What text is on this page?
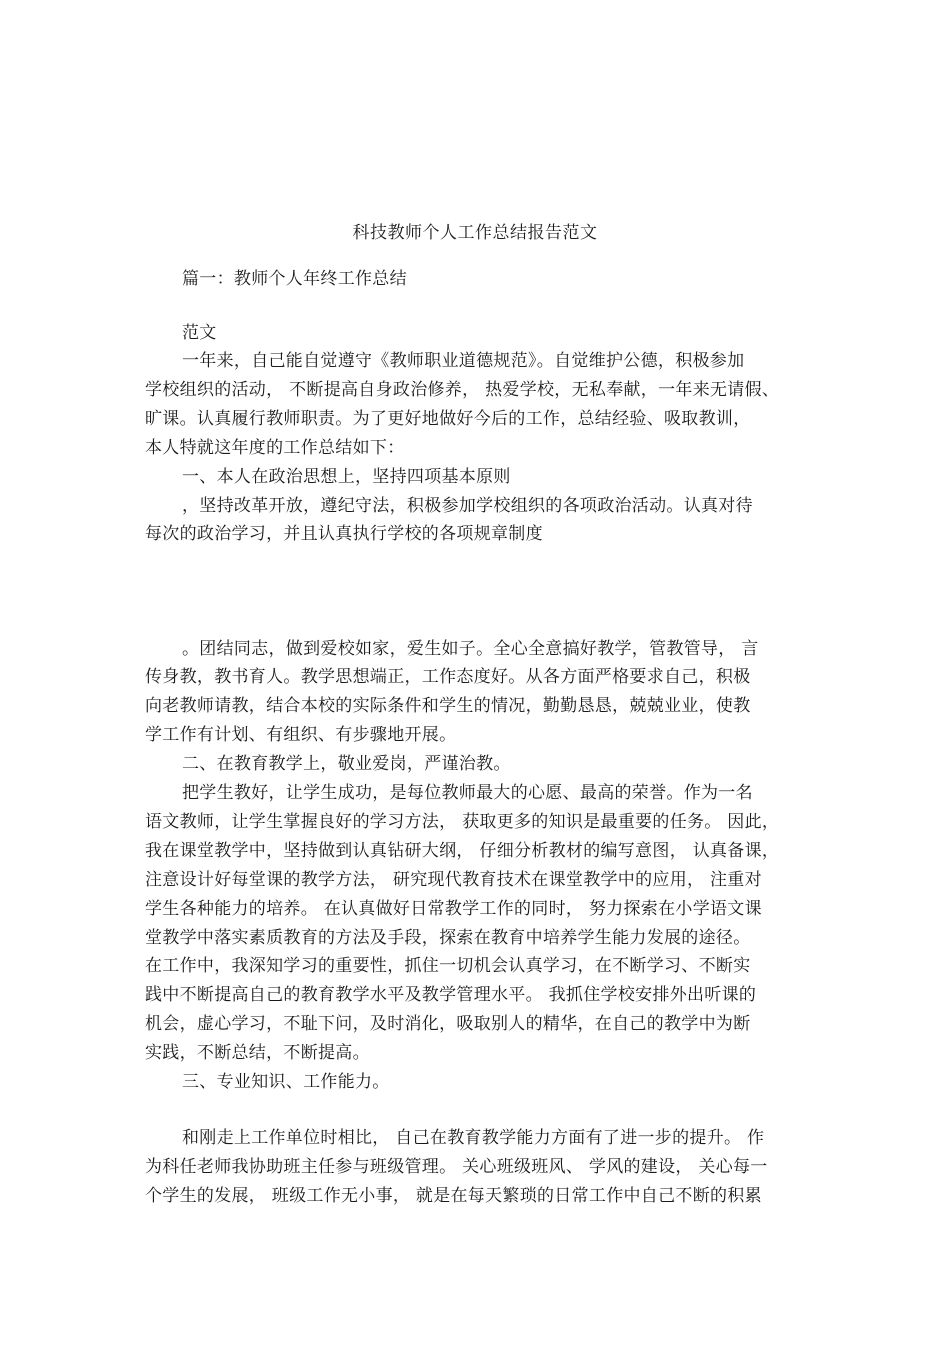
科技教师个人工作总结报告范文
篇一：教师个人年终工作总结
范文
一年来，自己能自觉遵守《教师职业道德规范》。自觉维护公德，积极参加
学校组织的活动， 不断提高自身政治修养， 热爱学校，无私奉献，一年来无请假、
旷课。认真履行教师职责。为了更好地做好今后的工作，总结经验、吸取教训，
本人特就这年度的工作总结如下：
一、本人在政治思想上，坚持四项基本原则
，坚持改革开放，遵纪守法，积极参加学校组织的各项政治活动。认真对待
每次的政治学习，并且认真执行学校的各项规章制度
。团结同志，做到爱校如家，爱生如子。全心全意搞好教学，管教管导， 言
传身教，教书育人。教学思想端正，工作态度好。从各方面严格要求自己，积极
向老教师请教，结合本校的实际条件和学生的情况，勤勤恳恳，兢兢业业，使教
学工作有计划、有组织、有步骤地开展。
二、在教育教学上，敬业爱岗，严谨治教。
把学生教好，让学生成功，是每位教师最大的心愿、最高的荣誉。作为一名
语文教师，让学生掌握良好的学习方法， 获取更多的知识是最重要的任务。 因此，
我在课堂教学中，坚持做到认真钻研大纲， 仔细分析教材的编写意图， 认真备课，
注意设计好每堂课的教学方法， 研究现代教育技术在课堂教学中的应用， 注重对
学生各种能力的培养。 在认真做好日常教学工作的同时， 努力探索在小学语文课
堂教学中落实素质教育的方法及手段，探索在教育中培养学生能力发展的途径。
在工作中，我深知学习的重要性，抓住一切机会认真学习，在不断学习、不断实
践中不断提高自己的教育教学水平及教学管理水平。 我抓住学校安排外出听课的
机会，虚心学习，不耻下问，及时消化，吸取别人的精华，在自己的教学中为断
实践，不断总结，不断提高。
三、专业知识、工作能力。
和刚走上工作单位时相比， 自己在教育教学能力方面有了进一步的提升。 作
为科任老师我协助班主任参与班级管理。 关心班级班风、 学风的建设， 关心每一
个学生的发展， 班级工作无小事， 就是在每天繁琐的日常工作中自己不断的积累
